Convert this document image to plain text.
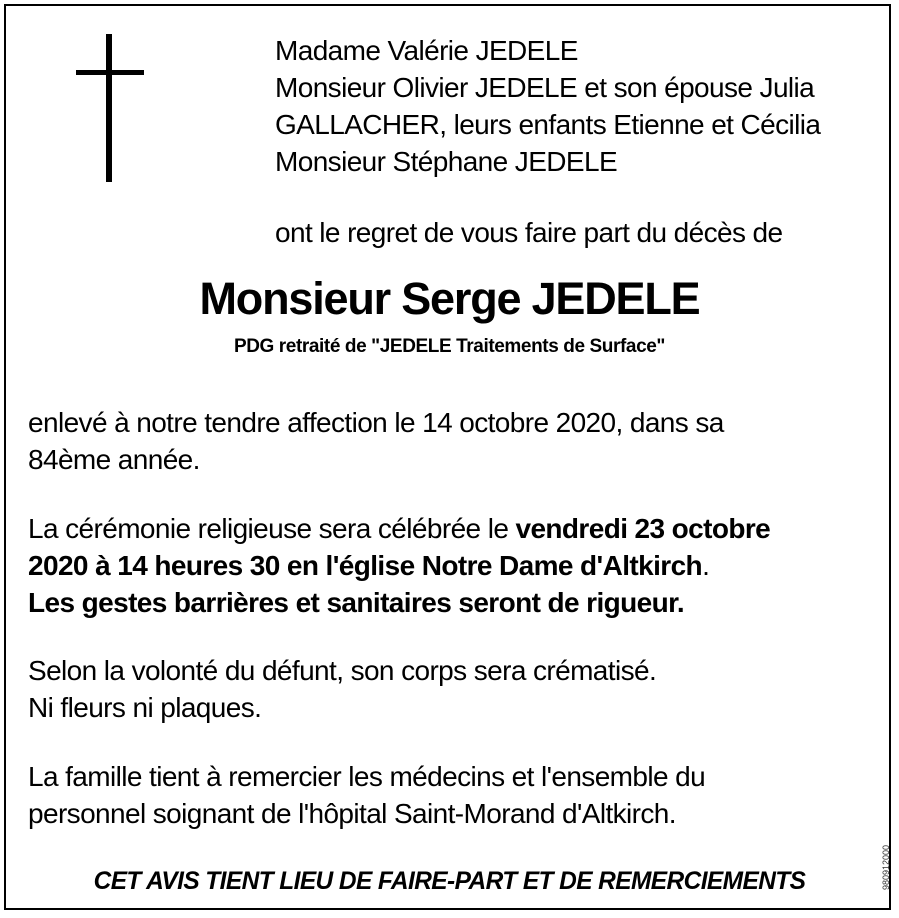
Madame Valérie JEDELE
Monsieur Olivier JEDELE et son épouse Julia
GALLACHER, leurs enfants Etienne et Cécilia
Monsieur Stéphane JEDELE
ont le regret de vous faire part du décès de
Monsieur Serge JEDELE
PDG retraité de "JEDELE Traitements de Surface"
enlevé à notre tendre affection le 14 octobre 2020, dans sa
84ème année.
La cérémonie religieuse sera célébrée le vendredi 23 octobre
2020 à 14 heures 30 en l'église Notre Dame d'Altkirch.
Les gestes barrières et sanitaires seront de rigueur.
Selon la volonté du défunt, son corps sera crématisé.
Ni fleurs ni plaques.
La famille tient à remercier les médecins et l'ensemble du
personnel soignant de l'hôpital Saint-Morand d'Altkirch.
CET AVIS TIENT LIEU DE FAIRE-PART ET DE REMERCIEMENTS	980912000
